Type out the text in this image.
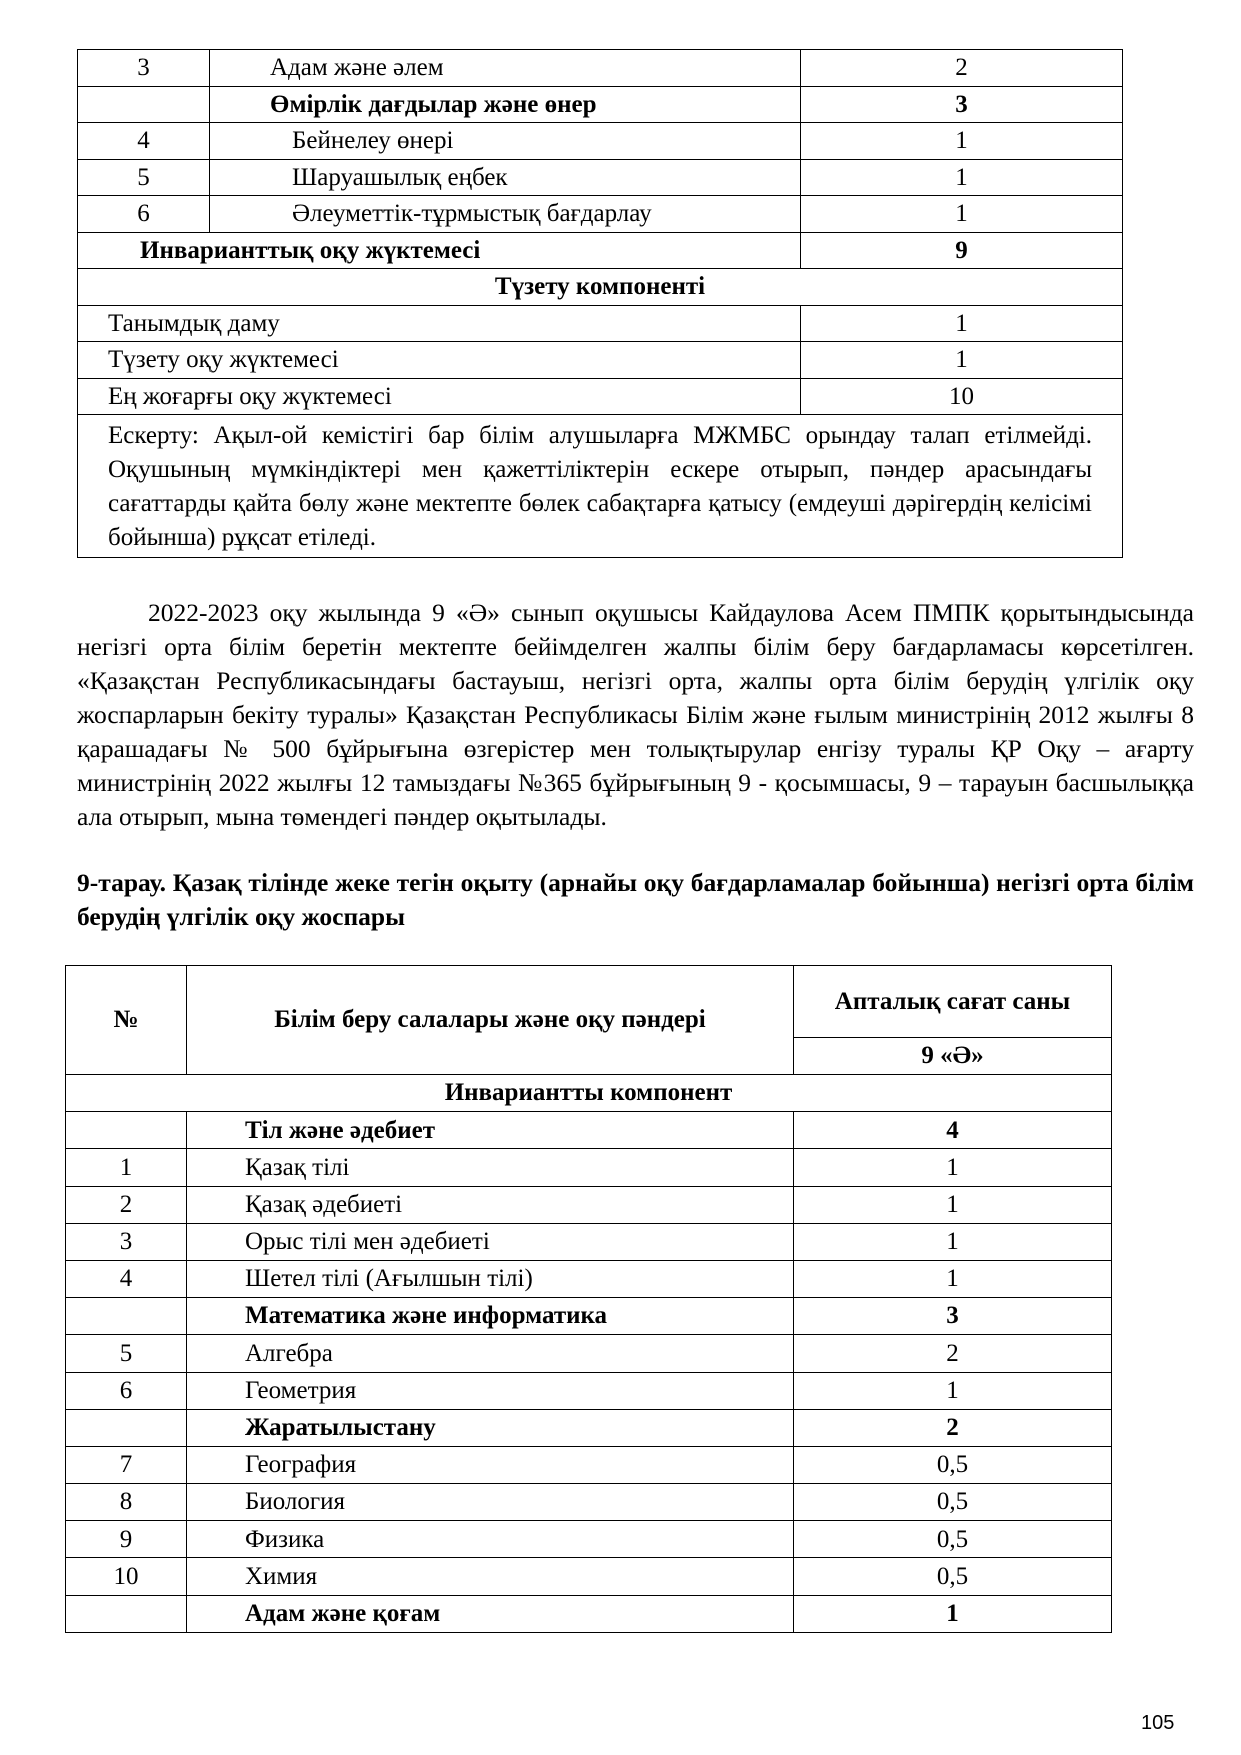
3	Адам және әлем	2
	Өмірлік дағдылар және өнер	3
4	Бейнелеу өнері	1
5	Шаруашылық еңбек	1
6	Әлеуметтік-тұрмыстық бағдарлау	1
Инварианттық оқу жүктемесі		9
Түзету компоненті		
Танымдық даму		1
Түзету оқу жүктемесі		1
Ең жоғарғы оқу жүктемесі		10
Ескерту: Ақыл-ой кемістігі бар білім алушыларға МЖМБС орындау талап етілмейді. Оқушының мүмкіндіктері мен қажеттіліктерін ескере отырып, пәндер арасындағы сағаттарды қайта бөлу және мектепте бөлек сабақтарға қатысу (емдеуші дәрігердің келісімі бойынша) рұқсат етіледі.		

2022-2023 оқу жылында 9 «Ә» сынып оқушысы Кайдаулова Асем ПМПК қорытындысында негізгі орта білім беретін мектепте бейімделген жалпы білім беру бағдарламасы көрсетілген. «Қазақстан Республикасындағы бастауыш, негізгі орта, жалпы орта білім берудің үлгілік оқу жоспарларын бекіту туралы» Қазақстан Республикасы Білім және ғылым министрінің 2012 жылғы 8 қарашадағы № 500 бұйрығына өзгерістер мен толықтырулар енгізу туралы ҚР Оқу – ағарту министрінің 2022 жылғы 12 тамыздағы №365 бұйрығының 9 - қосымшасы, 9 – тарауын басшылыққа ала отырып, мына төмендегі пәндер оқытылады.

9-тарау. Қазақ тілінде жеке тегін оқыту (арнайы оқу бағдарламалар бойынша) негізгі орта білім берудің үлгілік оқу жоспары

№	Білім беру салалары және оқу пәндері	Апталық сағат саны
		9 «Ә»
Инвариантты компонент		
	Тіл және әдебиет	4
1	Қазақ тілі	1
2	Қазақ әдебиеті	1
3	Орыс тілі мен әдебиеті	1
4	Шетел тілі (Ағылшын тілі)	1
	Математика және информатика	3
5	Алгебра	2
6	Геометрия	1
	Жаратылыстану	2
7	География	0,5
8	Биология	0,5
9	Физика	0,5
10	Химия	0,5
	Адам және қоғам	1
105
